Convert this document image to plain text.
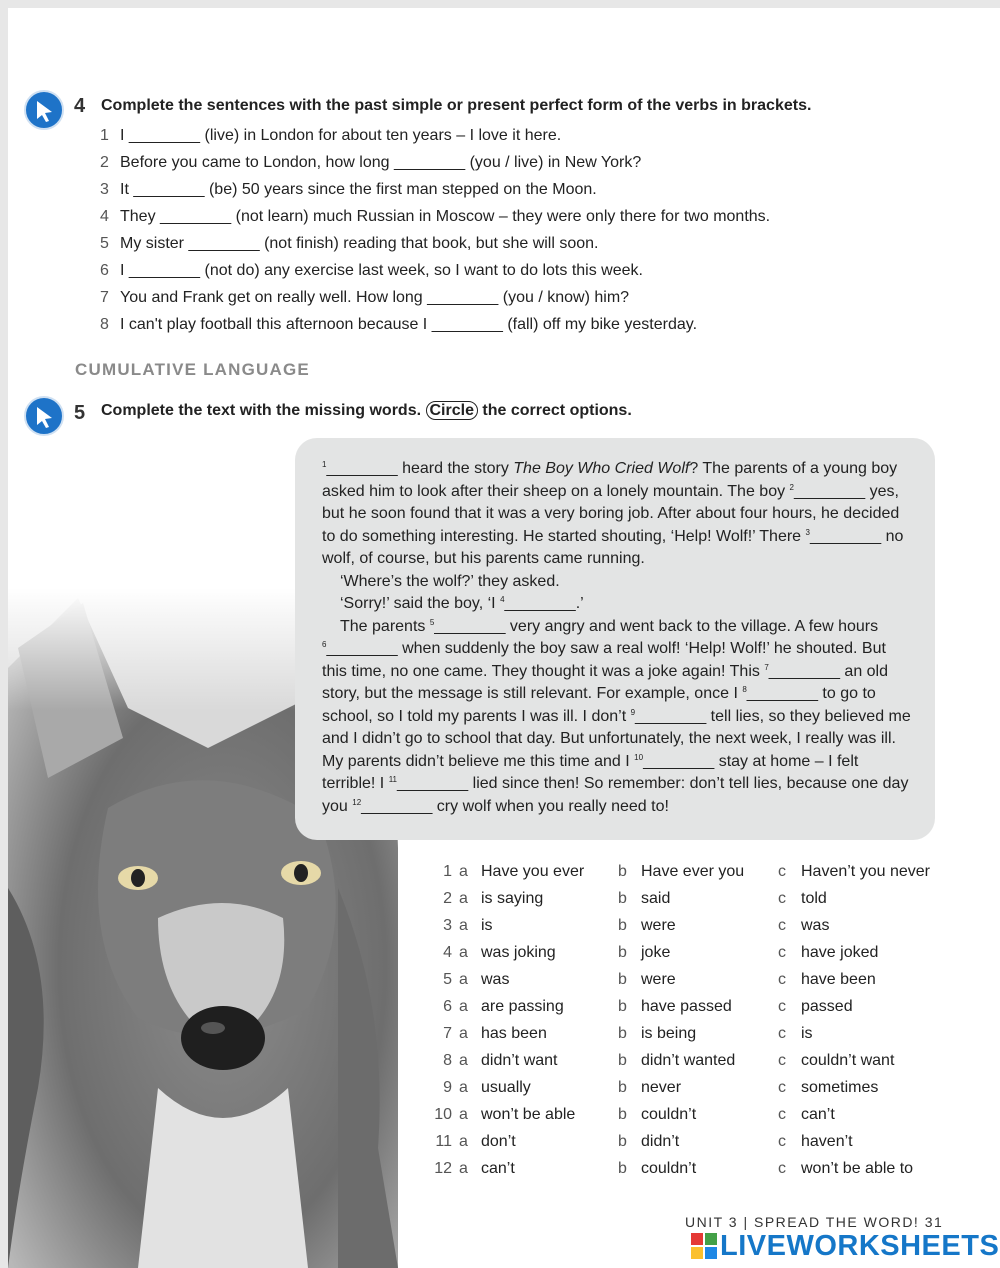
4 Complete the sentences with the past simple or present perfect form of the verbs in brackets.
1 I ________ (live) in London for about ten years – I love it here.
2 Before you came to London, how long ________ (you / live) in New York?
3 It ________ (be) 50 years since the first man stepped on the Moon.
4 They ________ (not learn) much Russian in Moscow – they were only there for two months.
5 My sister ________ (not finish) reading that book, but she will soon.
6 I ________ (not do) any exercise last week, so I want to do lots this week.
7 You and Frank get on really well. How long ________ (you / know) him?
8 I can't play football this afternoon because I ________ (fall) off my bike yesterday.
CUMULATIVE LANGUAGE
5 Complete the text with the missing words. Circle the correct options.

$^1$________ heard the story The Boy Who Cried Wolf? The parents of a young boy asked him to look after their sheep on a lonely mountain. The boy $^2$________ yes, but he soon found that it was a very boring job. After about four hours, he decided to do something interesting. He started shouting, ‘Help! Wolf!’ There $^3$________ no wolf, of course, but his parents came running.

‘Where’s the wolf?’ they asked.

‘Sorry!’ said the boy, ‘I $^4$________.’

The parents $^5$________ very angry and went back to the village. A few hours $^6$________ when suddenly the boy saw a real wolf! ‘Help! Wolf!’ he shouted. But this time, no one came. They thought it was a joke again! This $^7$________ an old story, but the message is still relevant. For example, once I $^8$________ to go to school, so I told my parents I was ill. I don’t $^9$________ tell lies, so they believed me and I didn’t go to school that day. But unfortunately, the next week, I really was ill. My parents didn’t believe me this time and I $^{10}$________ stay at home – I felt terrible! I $^{11}$________ lied since then! So remember: don’t tell lies, because one day you $^{12}$________ cry wolf when you really need to!

1 a Have you ever b Have ever you c Haven’t you never
2 a is saying	b said	c told
3 a is	b were	c was
4 a was joking	b joke	c have joked
5 a was	b were	c have been
6 a are passing	b have passed	c passed
7 a has been	b is being	c is
8 a didn’t want	b didn’t wanted	c couldn’t want
9 a usually	b never	c sometimes
10 a won’t be able	b couldn’t	c can’t
11 a don’t	b didn’t	c haven’t
12 a can’t	b couldn’t	c won’t be able to
UNIT 3 | SPREAD THE WORD! 31
LIVEWORKSHEETS
